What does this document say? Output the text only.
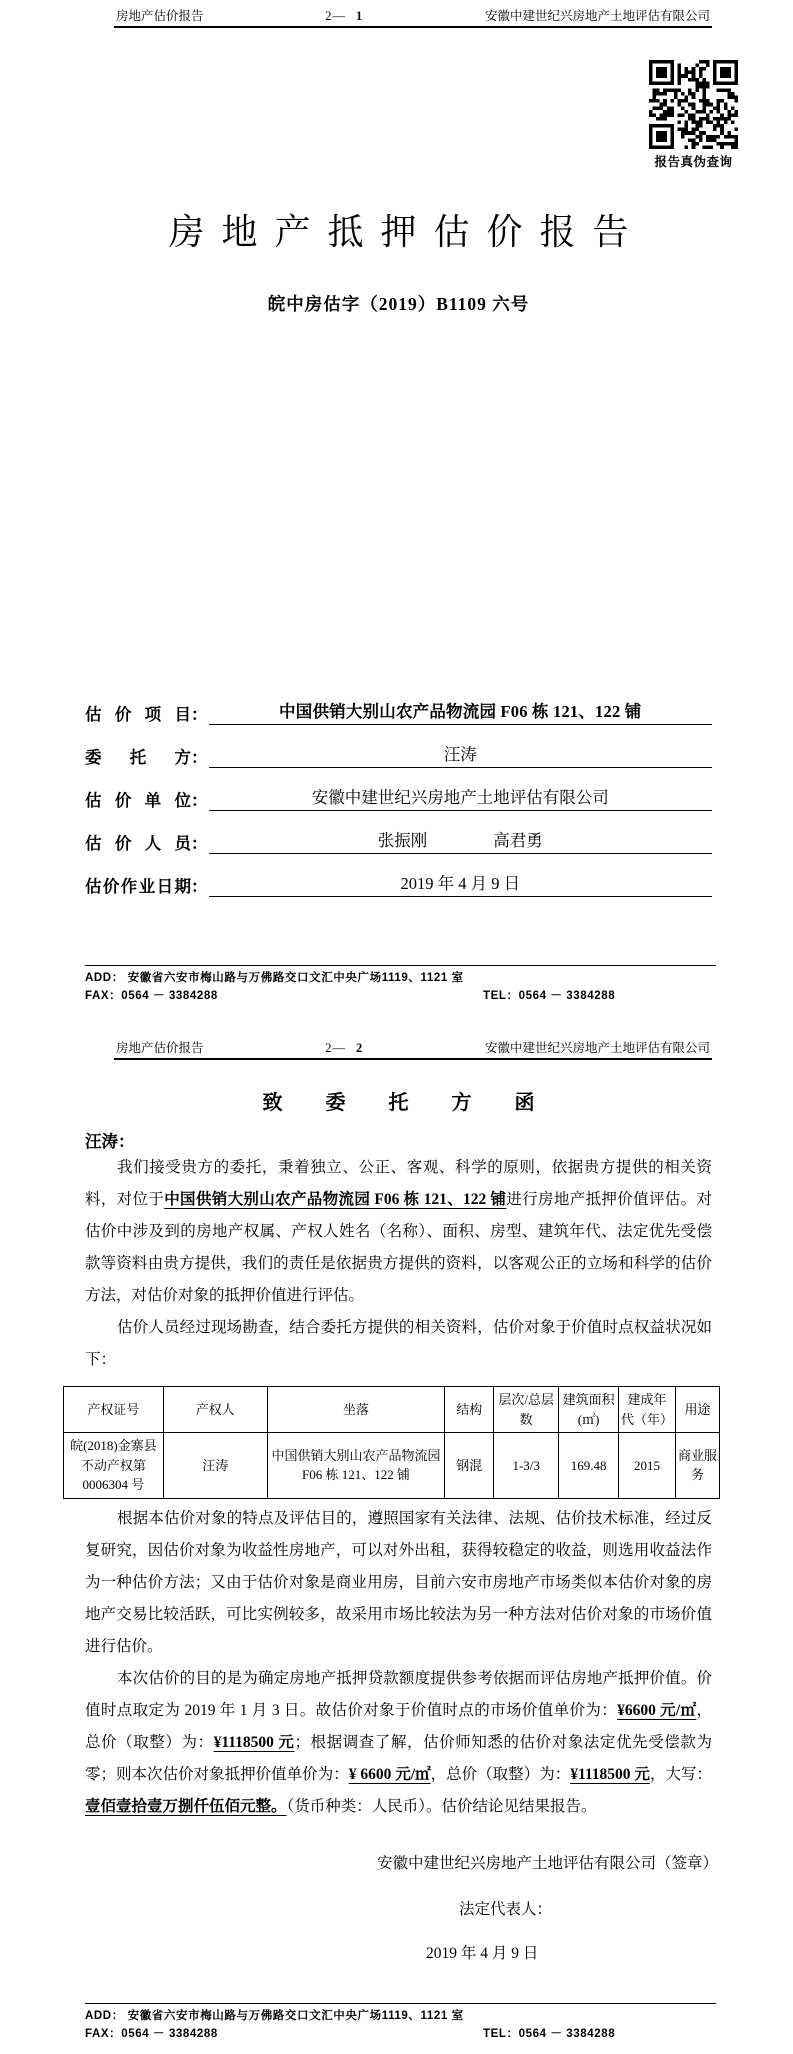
房地产估价报告	2— 1	安徽中建世纪兴房地产土地评估有限公司
报告真伪查询
房地产抵押估价报告
皖中房估字（2019）B1109 六号
估价项目 ：	中国供销大别山农产品物流园 F06 栋 121、122 铺
委托方 ：	汪涛
估价单位 ：	安徽中建世纪兴房地产土地评估有限公司
估价人员 ：	张振刚　　　　高君勇
估价作业日期 ：	2019 年 4 月 9 日
ADD： 安徽省六安市梅山路与万佛路交口文汇中央广场1119、1121 室
FAX：0564 － 3384288	TEL：0564 － 3384288
房地产估价报告	2— 2	安徽中建世纪兴房地产土地评估有限公司
致 委 托 方 函
汪涛：

我们接受贵方的委托，秉着独立、公正、客观、科学的原则，依据贵方提供的相关资料，对位于中国供销大别山农产品物流园 F06 栋 121、122 铺进行房地产抵押价值评估。对估价中涉及到的房地产权属、产权人姓名（名称）、面积、房型、建筑年代、法定优先受偿款等资料由贵方提供，我们的责任是依据贵方提供的资料，以客观公正的立场和科学的估价方法，对估价对象的抵押价值进行评估。

估价人员经过现场勘查，结合委托方提供的相关资料，估价对象于价值时点权益状况如下：

产权证号	产权人	坐落	结构	层次/总层数	建筑面积(㎡)	建成年代（年）	用途
皖(2018)金寨县不动产权第0006304 号	汪涛	中国供销大别山农产品物流园 F06 栋 121、122 铺	钢混	1-3/3	169.48	2015	商业服务

根据本估价对象的特点及评估目的，遵照国家有关法律、法规、估价技术标准，经过反复研究，因估价对象为收益性房地产，可以对外出租，获得较稳定的收益，则选用收益法作为一种估价方法；又由于估价对象是商业用房，目前六安市房地产市场类似本估价对象的房地产交易比较活跃，可比实例较多，故采用市场比较法为另一种方法对估价对象的市场价值进行估价。

本次估价的目的是为确定房地产抵押贷款额度提供参考依据而评估房地产抵押价值。价值时点取定为 2019 年 1 月 3 日。故估价对象于价值时点的市场价值单价为：¥6600 元/㎡，总价（取整）为：¥1118500 元；根据调查了解，估价师知悉的估价对象法定优先受偿款为零；则本次估价对象抵押价值单价为：¥ 6600 元/㎡，总价（取整）为：¥1118500 元，大写：壹佰壹拾壹万捌仟伍佰元整。（货币种类：人民币）。估价结论见结果报告。

安徽中建世纪兴房地产土地评估有限公司（签章）
法定代表人：
2019 年 4 月 9 日
ADD： 安徽省六安市梅山路与万佛路交口文汇中央广场1119、1121 室
FAX：0564 － 3384288	TEL：0564 － 3384288
